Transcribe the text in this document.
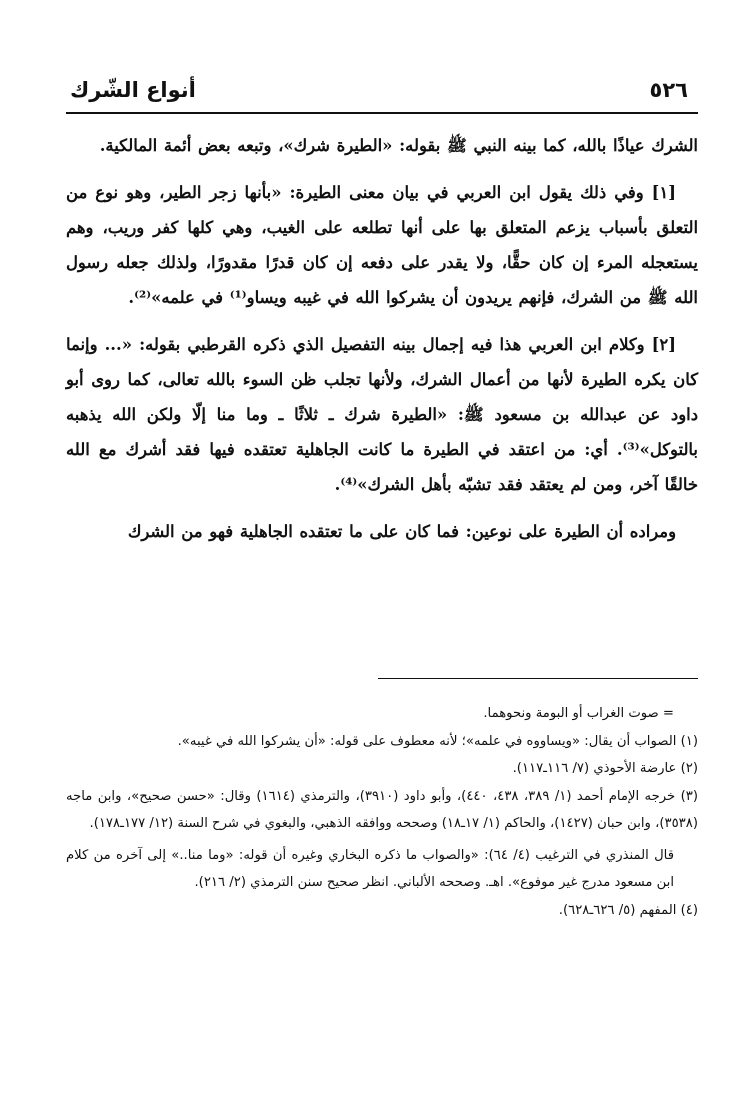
٥٢٦
أنواع الشّرك

الشرك عياذًا بالله، كما بينه النبي ﷺ بقوله: «الطيرة شرك»، وتبعه بعض أئمة المالكية.

[١] وفي ذلك يقول ابن العربي في بيان معنى الطيرة: «بأنها زجر الطير، وهو نوع من التعلق بأسباب يزعم المتعلق بها على أنها تطلعه على الغيب، وهي كلها كفر وريب، وهم يستعجله المرء إن كان حقًّا، ولا يقدر على دفعه إن كان قدرًا مقدورًا، ولذلك جعله رسول الله ﷺ من الشرك، فإنهم يريدون أن يشركوا الله في غيبه ويساو⁽¹⁾ في علمه»⁽²⁾.

[٢] وكلام ابن العربي هذا فيه إجمال بينه التفصيل الذي ذكره القرطبي بقوله: «... وإنما كان يكره الطيرة لأنها من أعمال الشرك، ولأنها تجلب ظن السوء بالله تعالى، كما روى أبو داود عن عبدالله بن مسعود ﷺ: «الطيرة شرك ـ ثلاثًا ـ وما منا إلّا ولكن الله يذهبه بالتوكل»⁽³⁾. أي: من اعتقد في الطيرة ما كانت الجاهلية تعتقده فيها فقد أشرك مع الله خالقًا آخر، ومن لم يعتقد فقد تشبّه بأهل الشرك»⁽⁴⁾.

ومراده أن الطيرة على نوعين: فما كان على ما تعتقده الجاهلية فهو من الشرك

= صوت الغراب أو البومة ونحوهما.

(١) الصواب أن يقال: «ويساووه في علمه»؛ لأنه معطوف على قوله: «أن يشركوا الله في غيبه».

(٢) عارضة الأحوذي (٧/ ١١٦ـ١١٧).

(٣) خرجه الإمام أحمد (١/ ٣٨٩، ٤٣٨، ٤٤٠)، وأبو داود (٣٩١٠)، والترمذي (١٦١٤) وقال: «حسن صحيح»، وابن ماجه (٣٥٣٨)، وابن حبان (١٤٢٧)، والحاكم (١/ ١٧ـ١٨) وصححه ووافقه الذهبي، والبغوي في شرح السنة (١٢/ ١٧٧ـ١٧٨).

قال المنذري في الترغيب (٤/ ٦٤): «والصواب ما ذكره البخاري وغيره أن قوله: «وما منا..» إلى آخره من كلام ابن مسعود مدرج غير موفوع». اهـ. وصححه الألباني. انظر صحيح سنن الترمذي (٢/ ٢١٦).

(٤) المفهم (٥/ ٦٢٦ـ٦٢٨).
